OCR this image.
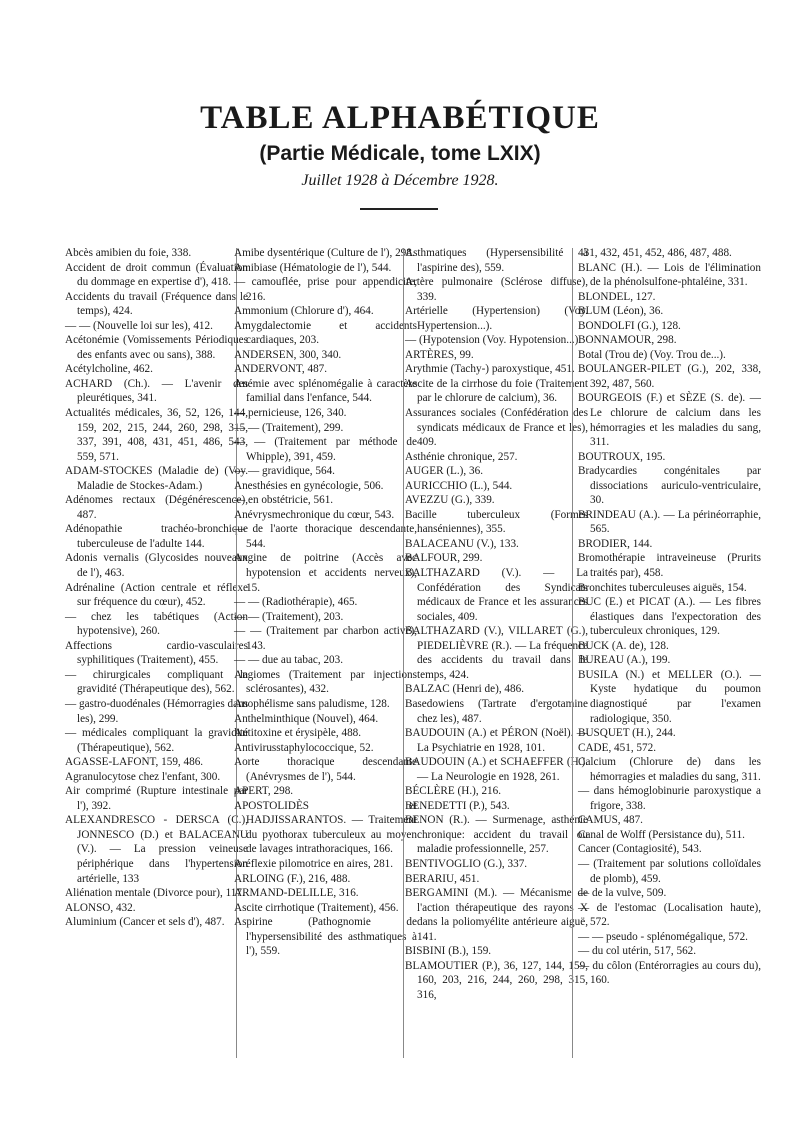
TABLE ALPHABÉTIQUE
(Partie Médicale, tome LXIX)
Juillet 1928 à Décembre 1928.

Abcès amibien du foie, 338.

Accident de droit commun (Évaluation du dommage en expertise d'), 418.

Accidents du travail (Fréquence dans le temps), 424.

— — (Nouvelle loi sur les), 412.

Acétonémie (Vomissements Périodiques des enfants avec ou sans), 388.

Acétylcholine, 462.

ACHARD (Ch.). — L'avenir des pleurétiques, 341.

Actualités médicales, 36, 52, 126, 144, 159, 202, 215, 244, 260, 298, 315, 337, 391, 408, 431, 451, 486, 543, 559, 571.

ADAM-STOCKES (Maladie de) (Voy. Maladie de Stockes-Adam.)

Adénomes rectaux (Dégénérescence), 487.

Adénopathie trachéo-bronchique tuberculeuse de l'adulte 144.

Adonis vernalis (Glycosides nouveaux de l'), 463.

Adrénaline (Action centrale et réflexe sur fréquence du cœur), 452.

— chez les tabétiques (Action hypotensive), 260.

Affections cardio-vasculaires syphilitiques (Traitement), 455.

— chirurgicales compliquant la gravidité (Thérapeutique des), 562.

— gastro-duodénales (Hémorragies dans les), 299.

— médicales compliquant la gravidité (Thérapeutique), 562.

AGASSE-LAFONT, 159, 486.

Agranulocytose chez l'enfant, 300.

Air comprimé (Rupture intestinale par l'), 392.

ALEXANDRESCO - DERSCA (C.), JONNESCO (D.) et BALACEANU (V.). — La pression veineuse périphérique dans l'hypertension artérielle, 133

Aliénation mentale (Divorce pour), 117.

ALONSO, 432.

Aluminium (Cancer et sels d'), 487.

Amibe dysentérique (Culture de l'), 298.

Amibiase (Hématologie de l'), 544.

— camouflée, prise pour appendicite, 216.

Ammonium (Chlorure d'), 464.

Amygdalectomie et accidents cardiaques, 203.

ANDERSEN, 300, 340.

ANDERVONT, 487.

Anémie avec splénomégalie à caractère familial dans l'enfance, 544.

— pernicieuse, 126, 340.

— — (Traitement), 299.

— — (Traitement par méthode de Whipple), 391, 459.

— — gravidique, 564.

Anesthésies en gynécologie, 506.

— en obstétricie, 561.

Anévrysmechronique du cœur, 543.

— de l'aorte thoracique descendante, 544.

Angine de poitrine (Accès avec hypotension et accidents nerveux), 15.

— — (Radiothérapie), 465.

— — (Traitement), 203.

— — (Traitement par charbon activé), 143.

— — due au tabac, 203.

Angiomes (Traitement par injections sclérosantes), 432.

Anophélisme sans paludisme, 128.

Anthelminthique (Nouvel), 464.

Antitoxine et érysipèle, 488.

Antivirusstaphylococcique, 52.

Aorte thoracique descendante (Anévrysmes de l'), 544.

APERT, 298.

APOSTOLIDÈS et HADJISSARANTOS. — Traitement du pyothorax tuberculeux au moyen de lavages intrathoraciques, 166.

Aréflexie pilomotrice en aires, 281.

ARLOING (F.), 216, 488.

ARMAND-DELILLE, 316.

Ascite cirrhotique (Traitement), 456.

Aspirine (Pathognomie de l'hypersensibilité des asthmatiques à l'), 559.

Asthmatiques (Hypersensibilité à l'aspirine des), 559.

Artère pulmonaire (Sclérose diffuse), 339.

Artérielle (Hypertension) (Voy. Hypertension...).

— (Hypotension (Voy. Hypotension...).

ARTÈRES, 99.

Arythmie (Tachy-) paroxystique, 451.

Ascite de la cirrhose du foie (Traitement par le chlorure de calcium), 36.

Assurances sociales (Confédération des syndicats médicaux de France et les), 409.

Asthénie chronique, 257.

AUGER (L.), 36.

AURICCHIO (L.), 544.

AVEZZU (G.), 339.

Bacille tuberculeux (Formes hanséniennes), 355.

BALACEANU (V.), 133.

BALFOUR, 299.

BALTHAZARD (V.). — La Confédération des Syndicats médicaux de France et les assurances sociales, 409.

BALTHAZARD (V.), VILLARET (G.), PIEDELIÈVRE (R.). — La fréquence des accidents du travail dans le temps, 424.

BALZAC (Henri de), 486.

Basedowiens (Tartrate d'ergotamine chez les), 487.

BAUDOUIN (A.) et PÉRON (Noël). — La Psychiatrie en 1928, 101.

BAUDOUIN (A.) et SCHAEFFER (H.). — La Neurologie en 1928, 261.

BÉCLÈRE (H.), 216.

BENEDETTI (P.), 543.

BENON (R.). — Surmenage, asthénie chronique: accident du travail ou maladie professionnelle, 257.

BENTIVOGLIO (G.), 337.

BERARIU, 451.

BERGAMINI (M.). — Mécanisme de l'action thérapeutique des rayons X dans la poliomyélite antérieure aiguë, 141.

BISBINI (B.), 159.

BLAMOUTIER (P.), 36, 127, 144, 159, 160, 203, 216, 244, 260, 298, 315, 316,

431, 432, 451, 452, 486, 487, 488.

BLANC (H.). — Lois de l'élimination de la phénolsulfone-phtaléine, 331.

BLONDEL, 127.

BLUM (Léon), 36.

BONDOLFI (G.), 128.

BONNAMOUR, 298.

Botal (Trou de) (Voy. Trou de...).

BOULANGER-PILET (G.), 202, 338, 392, 487, 560.

BOURGEOIS (F.) et SÈZE (S. de). — Le chlorure de calcium dans les hémorragies et les maladies du sang, 311.

BOUTROUX, 195.

Bradycardies congénitales par dissociations auriculo-ventriculaire, 30.

BRINDEAU (A.). — La périnéorraphie, 565.

BRODIER, 144.

Bromothérapie intraveineuse (Prurits traités par), 458.

Bronchites tuberculeuses aiguës, 154.

BUC (E.) et PICAT (A.). — Les fibres élastiques dans l'expectoration des tuberculeux chroniques, 129.

BUCK (A. de), 128.

BUREAU (A.), 199.

BUSILA (N.) et MELLER (O.). — Kyste hydatique du poumon diagnostiqué par l'examen radiologique, 350.

BUSQUET (H.), 244.

CADE, 451, 572.

Calcium (Chlorure de) dans les hémorragies et maladies du sang, 311.

— dans hémoglobinurie paroxystique a frigore, 338.

CAMUS, 487.

Canal de Wolff (Persistance du), 511.

Cancer (Contagiosité), 543.

— (Traitement par solutions colloïdales de plomb), 459.

— de la vulve, 509.

— de l'estomac (Localisation haute), 572.

— — pseudo - splénomégalique, 572.

— du col utérin, 517, 562.

— du côlon (Entérorragies au cours du), 160.
